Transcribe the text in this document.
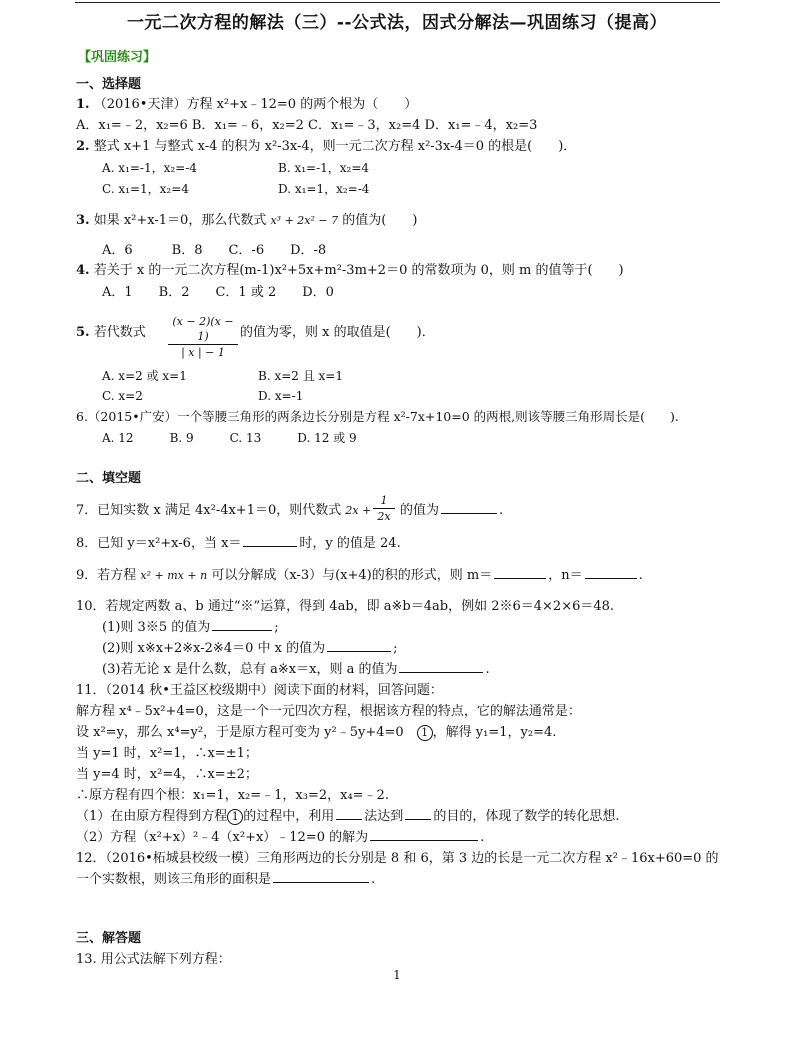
一元二次方程的解法（三）--公式法，因式分解法—巩固练习（提高）
【巩固练习】
一、选择题
1. （2016•天津）方程 x²+x﹣12=0 的两个根为（　　）
A．x₁=﹣2，x₂=6 B．x₁=﹣6，x₂=2 C．x₁=﹣3，x₂=4 D．x₁=﹣4，x₂=3
2. 整式 x+1 与整式 x-4 的积为 x²-3x-4，则一元二次方程 x²-3x-4＝0 的根是(　　)．
A. x₁=-1，x₂=-4	B. x₁=-1，x₂=4
C. x₁=1，x₂=4	D. x₁=1，x₂=-4
3. 如果 x²+x-1＝0，那么代数式 x³ + 2x² − 7 的值为(　　)
A．6　　　B．8　　C．-6　　D．-8
4. 若关于 x 的一元二次方程(m-1)x²+5x+m²-3m+2＝0 的常数项为 0，则 m 的值等于(　　)
A．1　　B．2　　C．1 或 2　　D．0
5. 若代数式 $\frac{(x - 2)(x - 1)}{| x | - 1}$ 的值为零，则 x 的取值是(　　)．
A. x=2 或 x=1	B. x=2 且 x=1
C. x=2	D. x=-1
6.（2015•广安）一个等腰三角形的两条边长分别是方程 x²-7x+10=0 的两根,则该等腰三角形周长是(　　).
A. 12　　　B. 9　　　C. 13　　　D. 12 或 9
二、填空题
7．已知实数 x 满足 4x²-4x+1＝0，则代数式 $2x + \frac{1}{2x}$ 的值为	.
8．已知 y＝x²+x-6，当 x＝	时，y 的值是 24.
9．若方程 x² + mx + n 可以分解成（x-3）与(x+4)的积的形式，则 m＝	，n＝	.
10．若规定两数 a、b 通过“※”运算，得到 4ab，即 a※b＝4ab，例如 2※6＝4×2×6＝48.
(1)则 3※5 的值为	;
(2)则 x※x+2※x-2※4＝0 中 x 的值为	;
(3)若无论 x 是什么数，总有 a※x＝x，则 a 的值为	.
11．（2014 秋•王益区校级期中）阅读下面的材料，回答问题：
解方程 x⁴﹣5x²+4=0，这是一个一元四次方程，根据该方程的特点，它的解法通常是：
设 x²=y，那么 x⁴=y²，于是原方程可变为 y²﹣5y+4=0　1 ，解得 y₁=1，y₂=4.
当 y=1 时，x²=1，∴x=±1；
当 y=4 时，x²=4，∴x=±2；
∴原方程有四个根：x₁=1，x₂=﹣1，x₃=2，x₄=﹣2.
（1）在由原方程得到方程 1 的过程中，利用 法达到 的目的，体现了数学的转化思想.
（2）方程（x²+x）²﹣4（x²+x）﹣12=0 的解为	.
12．（2016•柘城县校级一模）三角形两边的长分别是 8 和 6，第 3 边的长是一元二次方程 x²﹣16x+60=0 的
一个实数根，则该三角形的面积是	.
三、解答题
13. 用公式法解下列方程：
1
